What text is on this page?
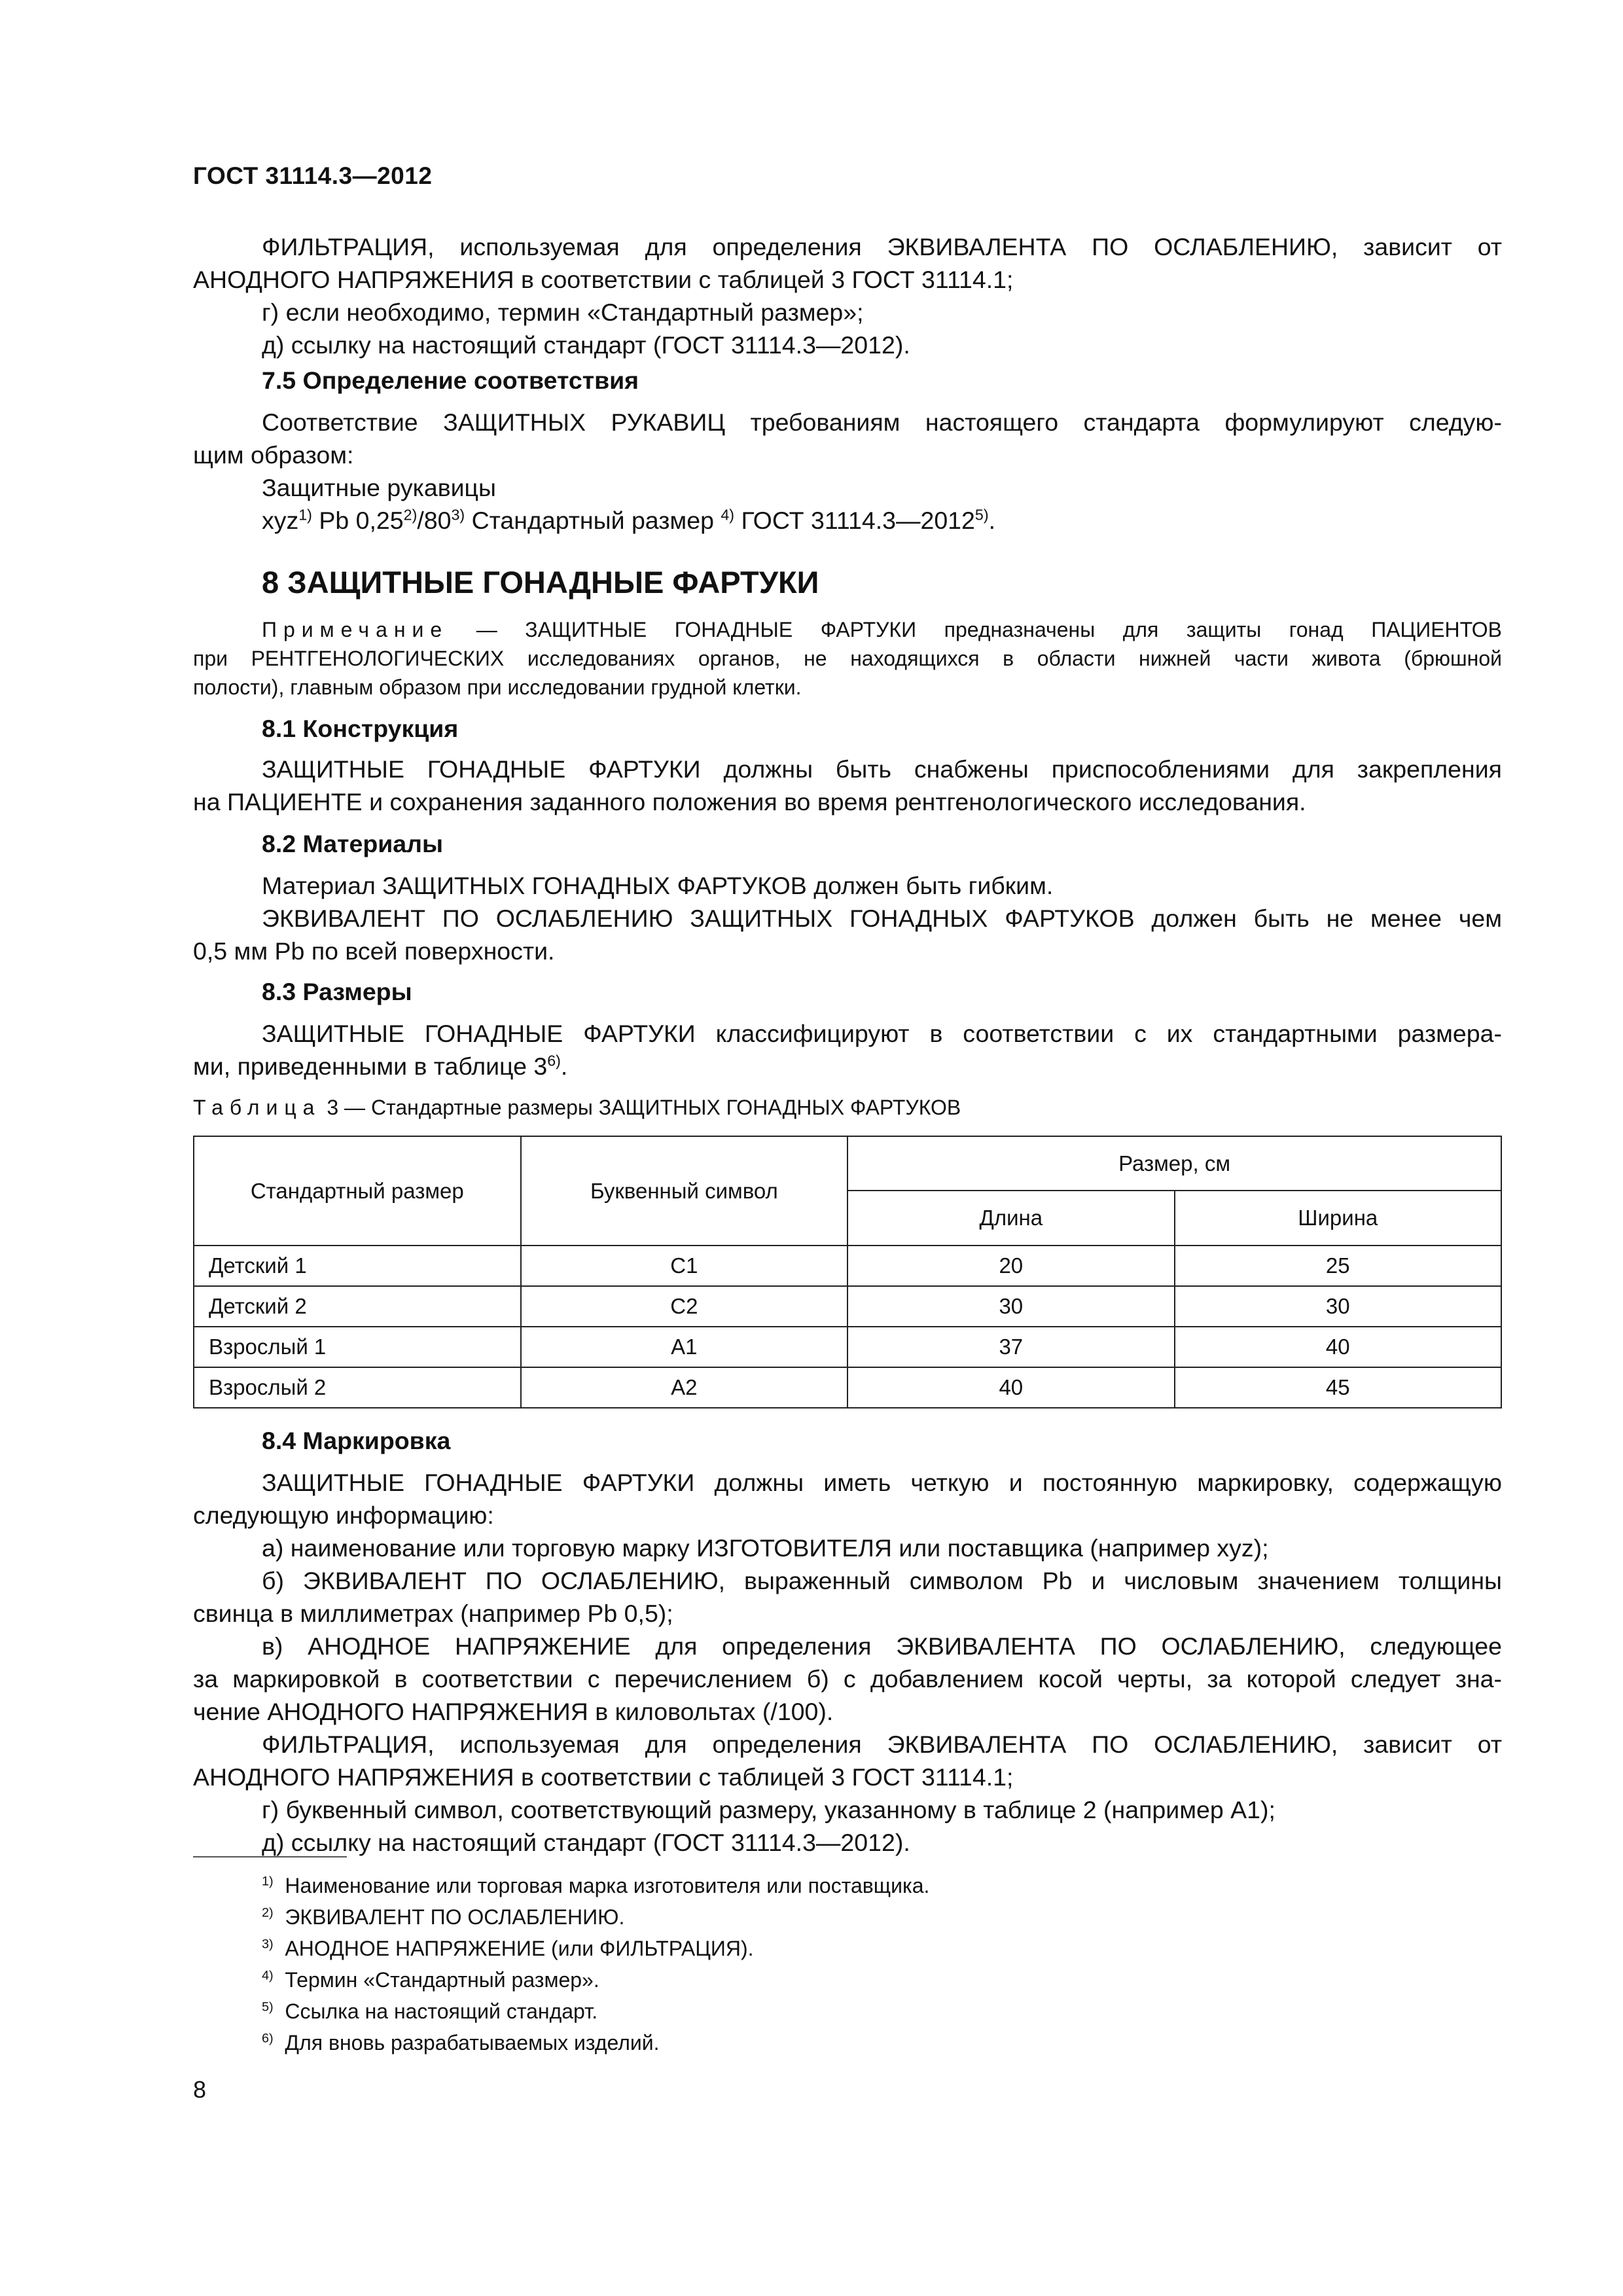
ГОСТ 31114.3—2012
ФИЛЬТРАЦИЯ, используемая для определения ЭКВИВАЛЕНТА ПО ОСЛАБЛЕНИЮ, зависит от
АНОДНОГО НАПРЯЖЕНИЯ в соответствии с таблицей 3 ГОСТ 31114.1;
г) если необходимо, термин «Стандартный размер»;
д) ссылку на настоящий стандарт (ГОСТ 31114.3—2012).
7.5 Определение соответствия
Соответствие ЗАЩИТНЫХ РУКАВИЦ требованиям настоящего стандарта формулируют следую-
щим образом:
Защитные рукавицы
xyz$^{1)}$ Pb 0,25$^{2)}$/80$^{3)}$ Стандартный размер $^{4)}$ ГОСТ 31114.3—2012$^{5)}$.
8 ЗАЩИТНЫЕ ГОНАДНЫЕ ФАРТУКИ
Примечание — ЗАЩИТНЫЕ ГОНАДНЫЕ ФАРТУКИ предназначены для защиты гонад ПАЦИЕНТОВ
при РЕНТГЕНОЛОГИЧЕСКИХ исследованиях органов, не находящихся в области нижней части живота (брюшной
полости), главным образом при исследовании грудной клетки.
8.1 Конструкция
ЗАЩИТНЫЕ ГОНАДНЫЕ ФАРТУКИ должны быть снабжены приспособлениями для закрепления
на ПАЦИЕНТЕ и сохранения заданного положения во время рентгенологического исследования.
8.2 Материалы
Материал ЗАЩИТНЫХ ГОНАДНЫХ ФАРТУКОВ должен быть гибким.
ЭКВИВАЛЕНТ ПО ОСЛАБЛЕНИЮ ЗАЩИТНЫХ ГОНАДНЫХ ФАРТУКОВ должен быть не менее чем
0,5 мм Pb по всей поверхности.
8.3 Размеры
ЗАЩИТНЫЕ ГОНАДНЫЕ ФАРТУКИ классифицируют в соответствии с их стандартными размера-
ми, приведенными в таблице 3$^{6)}$.
Таблица 3 — Стандартные размеры ЗАЩИТНЫХ ГОНАДНЫХ ФАРТУКОВ
Стандартный размер	Буквенный символ	Размер, см	
		Длина	Ширина
Детский 1	C1	20	25
Детский 2	C2	30	30
Взрослый 1	A1	37	40
Взрослый 2	A2	40	45
8.4 Маркировка
ЗАЩИТНЫЕ ГОНАДНЫЕ ФАРТУКИ должны иметь четкую и постоянную маркировку, содержащую
следующую информацию:
а) наименование или торговую марку ИЗГОТОВИТЕЛЯ или поставщика (например xyz);
б) ЭКВИВАЛЕНТ ПО ОСЛАБЛЕНИЮ, выраженный символом Pb и числовым значением толщины
свинца в миллиметрах (например Pb 0,5);
в) АНОДНОЕ НАПРЯЖЕНИЕ для определения ЭКВИВАЛЕНТА ПО ОСЛАБЛЕНИЮ, следующее
за маркировкой в соответствии с перечислением б) с добавлением косой черты, за которой следует зна-
чение АНОДНОГО НАПРЯЖЕНИЯ в киловольтах (/100).
ФИЛЬТРАЦИЯ, используемая для определения ЭКВИВАЛЕНТА ПО ОСЛАБЛЕНИЮ, зависит от
АНОДНОГО НАПРЯЖЕНИЯ в соответствии с таблицей 3 ГОСТ 31114.1;
г) буквенный символ, соответствующий размеру, указанному в таблице 2 (например A1);
д) ссылку на настоящий стандарт (ГОСТ 31114.3—2012).
$^{1)}$ Наименование или торговая марка изготовителя или поставщика.
$^{2)}$ ЭКВИВАЛЕНТ ПО ОСЛАБЛЕНИЮ.
$^{3)}$ АНОДНОЕ НАПРЯЖЕНИЕ (или ФИЛЬТРАЦИЯ).
$^{4)}$ Термин «Стандартный размер».
$^{5)}$ Ссылка на настоящий стандарт.
$^{6)}$ Для вновь разрабатываемых изделий.
8
